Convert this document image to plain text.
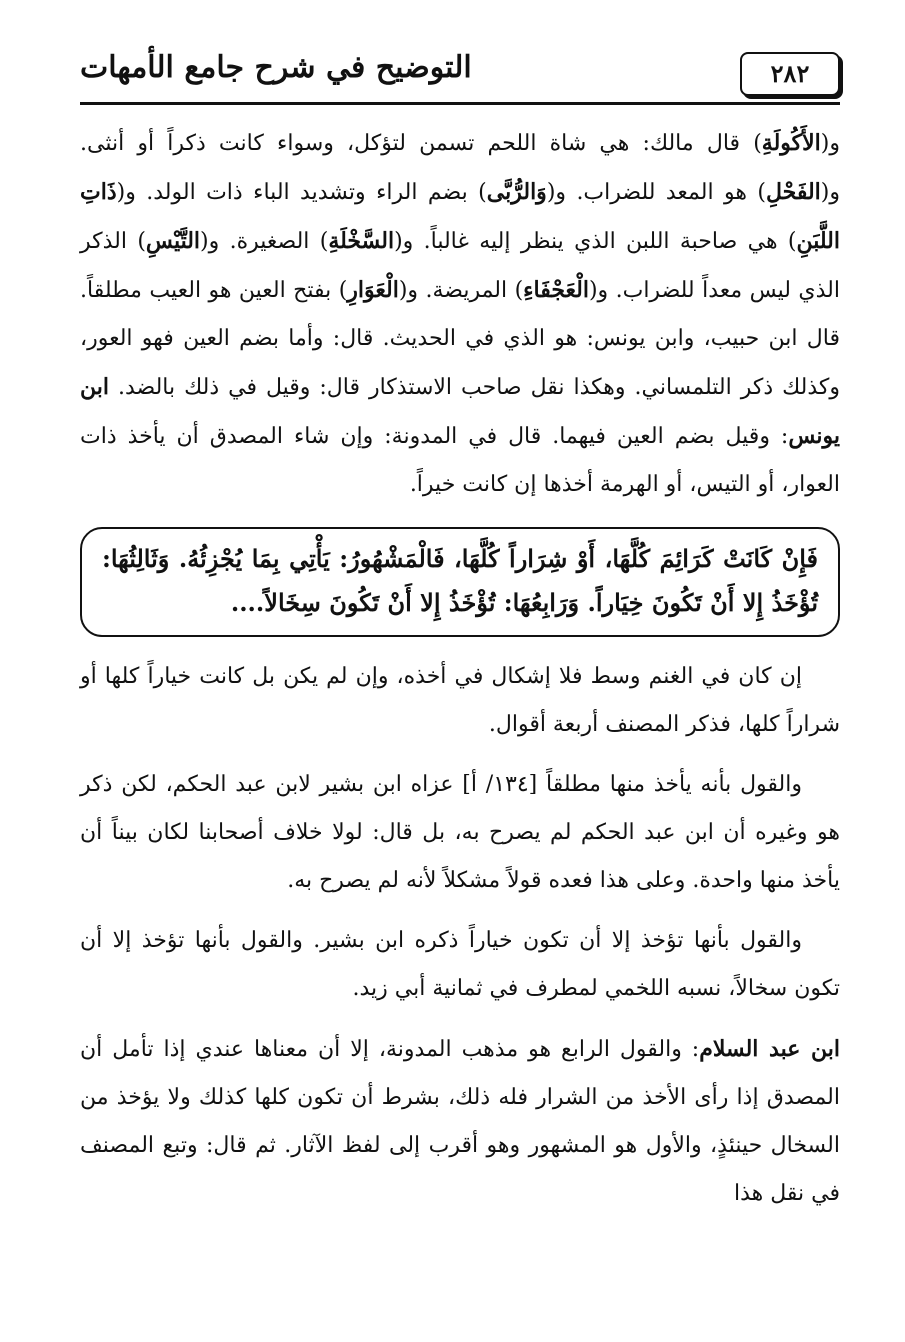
٢٨٢
التوضيح في شرح جامع الأمهات

و(الأَكُولَةِ) قال مالك: هي شاة اللحم تسمن لتؤكل، وسواء كانت ذكراً أو أنثى. و(الفَحْلِ) هو المعد للضراب. و(وَالرُّبَّى) بضم الراء وتشديد الباء ذات الولد. و(ذَاتِ اللَّبَنِ) هي صاحبة اللبن الذي ينظر إليه غالباً. و(السَّخْلَةِ) الصغيرة. و(التَّيْسِ) الذكر الذي ليس معداً للضراب. و(الْعَجْفَاءِ) المريضة. و(الْعَوَارِ) بفتح العين هو العيب مطلقاً. قال ابن حبيب، وابن يونس: هو الذي في الحديث. قال: وأما بضم العين فهو العور، وكذلك ذكر التلمساني. وهكذا نقل صاحب الاستذكار قال: وقيل في ذلك بالضد. ابن يونس: وقيل بضم العين فيهما. قال في المدونة: وإن شاء المصدق أن يأخذ ذات العوار، أو التيس، أو الهرمة أخذها إن كانت خيراً.

فَإِنْ كَانَتْ كَرَائِمَ كُلَّهَا، أَوْ شِرَاراً كُلَّهَا، فَالْمَشْهُورُ: يَأْتِي بِمَا يُجْزِئُهُ. وَثَالِثُهَا: تُؤْخَذُ إِلا أَنْ تَكُونَ خِيَاراً. وَرَابِعُهَا: تُؤْخَذُ إِلا أَنْ تَكُونَ سِخَالاً....

إن كان في الغنم وسط فلا إشكال في أخذه، وإن لم يكن بل كانت خياراً كلها أو شراراً كلها، فذكر المصنف أربعة أقوال.

والقول بأنه يأخذ منها مطلقاً [١٣٤/ أ] عزاه ابن بشير لابن عبد الحكم، لكن ذكر هو وغيره أن ابن عبد الحكم لم يصرح به، بل قال: لولا خلاف أصحابنا لكان بيناً أن يأخذ منها واحدة. وعلى هذا فعده قولاً مشكلاً لأنه لم يصرح به.

والقول بأنها تؤخذ إلا أن تكون خياراً ذكره ابن بشير. والقول بأنها تؤخذ إلا أن تكون سخالاً، نسبه اللخمي لمطرف في ثمانية أبي زيد.

ابن عبد السلام: والقول الرابع هو مذهب المدونة، إلا أن معناها عندي إذا تأمل أن المصدق إذا رأى الأخذ من الشرار فله ذلك، بشرط أن تكون كلها كذلك ولا يؤخذ من السخال حينئذٍ، والأول هو المشهور وهو أقرب إلى لفظ الآثار. ثم قال: وتبع المصنف في نقل هذا
